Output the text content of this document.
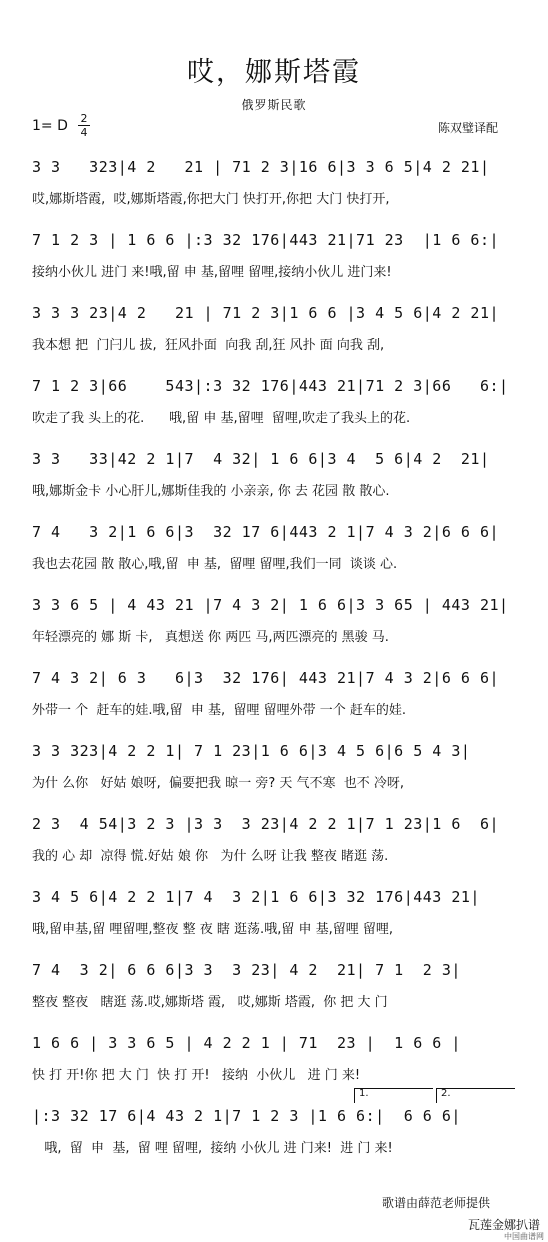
哎，娜斯塔霞
俄罗斯民歌
1= D 2
4	陈双璧译配
3 3   323|4 2   21 | 71 2 3|16 6|3 3 6 5|4 2 21|
哎,娜斯塔霞,  哎,娜斯塔霞,你把大门 快打开,你把 大门 快打开,
7 1 2 3 | 1 6 6 |:3 32 176|443 21|71 23  |1 6 6:|
接纳小伙儿 进门 来!哦,留 申 基,留哩 留哩,接纳小伙儿 进门来!
3 3 3 23|4 2   21 | 71 2 3|1 6 6 |3 4 5 6|4 2 21|
我本想 把  门闩儿 拔,  狂风扑面  向我 刮,狂 风扑 面 向我 刮,
7 1 2 3|66    543|:3 32 176|443 21|71 2 3|66   6:|
吹走了我 头上的花.      哦,留 申 基,留哩  留哩,吹走了我头上的花.
3 3   33|42 2 1|7  4 32| 1 6 6|3 4  5 6|4 2  21|
哦,娜斯金卡 小心肝儿,娜斯佳我的 小亲亲, 你 去 花园 散 散心.
7 4   3 2|1 6 6|3  32 17 6|443 2 1|7 4 3 2|6 6 6|
我也去花园 散 散心,哦,留  申 基,  留哩 留哩,我们一同  谈谈 心.
3 3 6 5 | 4 43 21 |7 4 3 2| 1 6 6|3 3 65 | 443 21|
年轻漂亮的 娜 斯 卡,   真想送 你 两匹 马,两匹漂亮的 黑骏 马.
7 4 3 2| 6 3   6|3  32 176| 443 21|7 4 3 2|6 6 6|
外带一 个  赶车的娃.哦,留  申 基,  留哩 留哩外带 一个 赶车的娃.
3 3 323|4 2 2 1| 7 1 23|1 6 6|3 4 5 6|6 5 4 3|
为什 么你   好姑 娘呀,  偏要把我 晾一 旁? 天 气不寒  也不 冷呀,
2 3  4 54|3 2 3 |3 3  3 23|4 2 2 1|7 1 23|1 6  6|
我的 心 却  凉得 慌.好姑 娘 你   为什 么呀 让我 整夜 睹逛 荡.
3 4 5 6|4 2 2 1|7 4  3 2|1 6 6|3 32 176|443 21|
哦,留申基,留 哩留哩,整夜 整 夜 瞎 逛荡.哦,留 申 基,留哩 留哩,
7 4  3 2| 6 6 6|3 3  3 23| 4 2  21| 7 1  2 3|
整夜 整夜   瞎逛 荡.哎,娜斯塔 霞,   哎,娜斯 塔霞,  你 把 大 门
1 6 6 | 3 3 6 5 | 4 2 2 1 | 71  23 |  1 6 6 |
快 打 开!你 把 大 门  快 打 开!   接纳  小伙儿   进 门 来!
|:3 32 17 6|4 43 2 1|7 1 2 3 |1 6 6:|  6 6 6|
哦,  留  申  基,  留 哩 留哩,  接纳 小伙儿 进 门来!  进 门 来!
1.	2.
歌谱由薛范老师提供
瓦莲金娜扒谱
中国曲谱网
